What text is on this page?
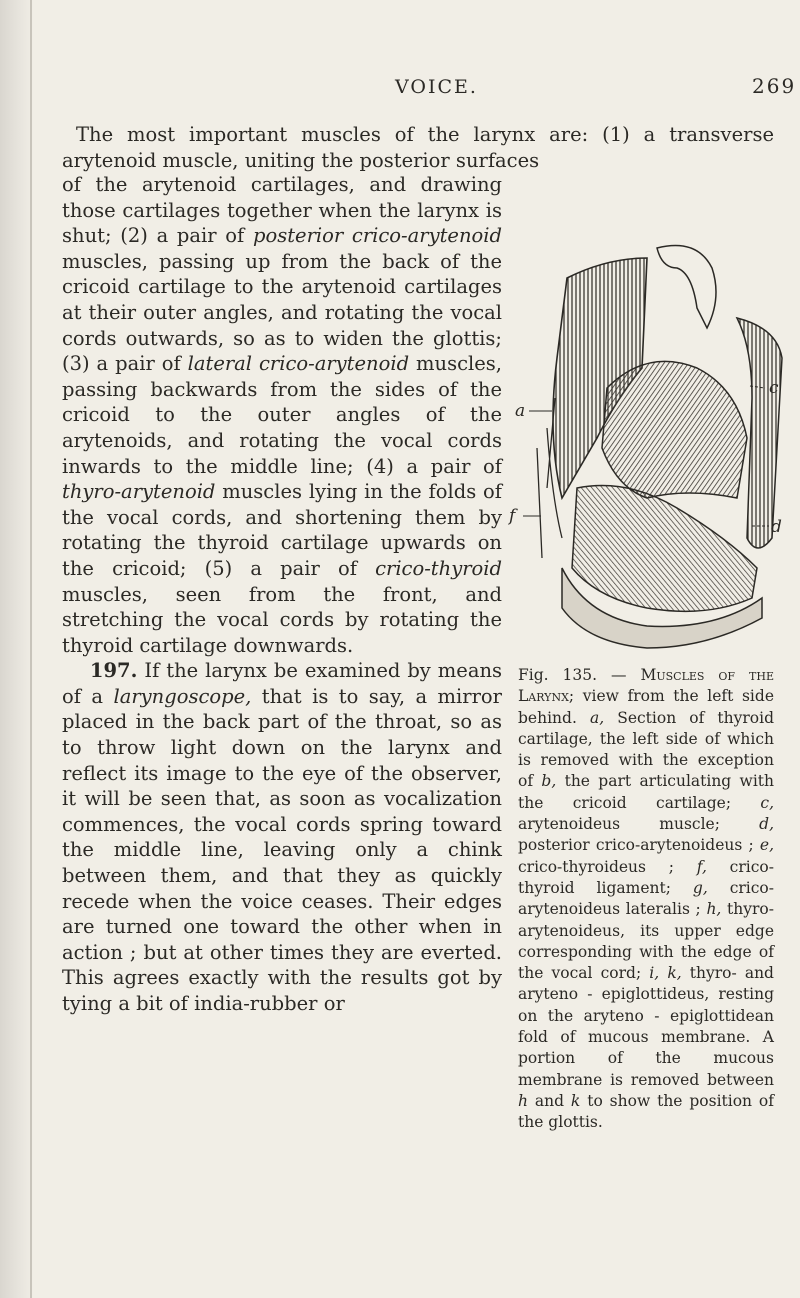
VOICE.	269

The most important muscles of the larynx are: (1) a transverse arytenoid muscle, uniting the posterior surfaces

of the arytenoid cartilages, and drawing those cartilages together when the larynx is shut; (2) a pair of posterior crico-arytenoid muscles, passing up from the back of the cricoid cartilage to the arytenoid cartilages at their outer angles, and rotating the vocal cords outwards, so as to widen the glottis; (3) a pair of lateral crico-arytenoid muscles, passing backwards from the sides of the cricoid to the outer angles of the arytenoids, and rotating the vocal cords inwards to the middle line; (4) a pair of thyro-arytenoid muscles lying in the folds of the vocal cords, and shortening them by rotating the thyroid cartilage upwards on the cricoid; (5) a pair of crico-thyroid muscles, seen from the front, and stretching the vocal cords by rotating the thyroid cartilage downwards.

197. If the larynx be examined by means of a laryngoscope, that is to say, a mirror placed in the back part of the throat, so as to throw light down on the larynx and reflect its image to the eye of the observer, it will be seen that, as soon as vocalization commences, the vocal cords spring toward the middle line, leaving only a chink between them, and that they as quickly recede when the voice ceases. Their edges are turned one toward the other when in action ; but at other times they are everted. This agrees exactly with the results got by tying a bit of india-rubber or

a
c
d
f

Fig. 135. — Muscles of the Larynx; view from the left side behind. a, Section of thyroid cartilage, the left side of which is removed with the exception of b, the part articulating with the cricoid cartilage; c, arytenoideus muscle; d, posterior crico-arytenoideus ; e, crico-thyroideus ; f, crico-thyroid ligament; g, crico-arytenoideus lateralis ; h, thyro-arytenoideus, its upper edge corresponding with the edge of the vocal cord; i, k, thyro- and aryteno - epiglottideus, resting on the aryteno - epiglottidean fold of mucous membrane. A portion of the mucous membrane is removed between h and k to show the position of the glottis.
